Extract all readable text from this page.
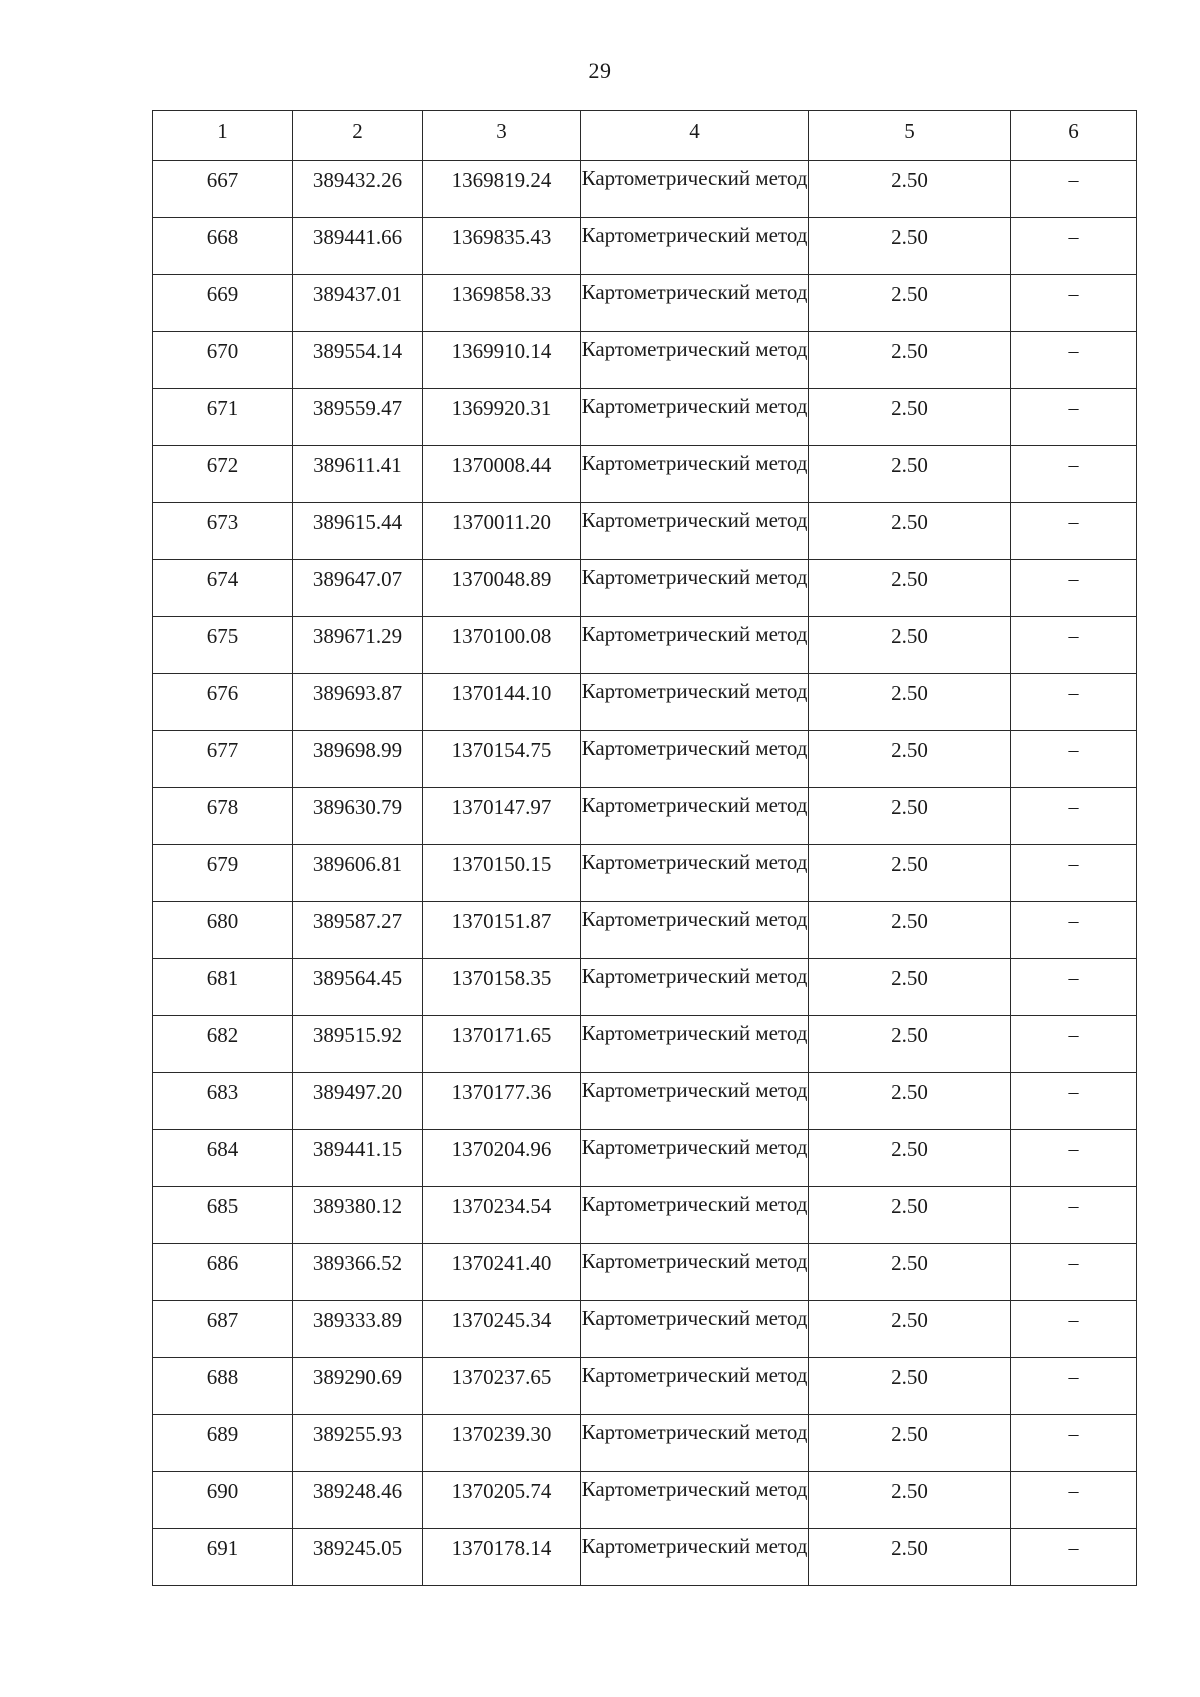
29
1	2	3	4	5	6
667	389432.26	1369819.24	Картометрический метод	2.50	–
668	389441.66	1369835.43	Картометрический метод	2.50	–
669	389437.01	1369858.33	Картометрический метод	2.50	–
670	389554.14	1369910.14	Картометрический метод	2.50	–
671	389559.47	1369920.31	Картометрический метод	2.50	–
672	389611.41	1370008.44	Картометрический метод	2.50	–
673	389615.44	1370011.20	Картометрический метод	2.50	–
674	389647.07	1370048.89	Картометрический метод	2.50	–
675	389671.29	1370100.08	Картометрический метод	2.50	–
676	389693.87	1370144.10	Картометрический метод	2.50	–
677	389698.99	1370154.75	Картометрический метод	2.50	–
678	389630.79	1370147.97	Картометрический метод	2.50	–
679	389606.81	1370150.15	Картометрический метод	2.50	–
680	389587.27	1370151.87	Картометрический метод	2.50	–
681	389564.45	1370158.35	Картометрический метод	2.50	–
682	389515.92	1370171.65	Картометрический метод	2.50	–
683	389497.20	1370177.36	Картометрический метод	2.50	–
684	389441.15	1370204.96	Картометрический метод	2.50	–
685	389380.12	1370234.54	Картометрический метод	2.50	–
686	389366.52	1370241.40	Картометрический метод	2.50	–
687	389333.89	1370245.34	Картометрический метод	2.50	–
688	389290.69	1370237.65	Картометрический метод	2.50	–
689	389255.93	1370239.30	Картометрический метод	2.50	–
690	389248.46	1370205.74	Картометрический метод	2.50	–
691	389245.05	1370178.14	Картометрический метод	2.50	–
